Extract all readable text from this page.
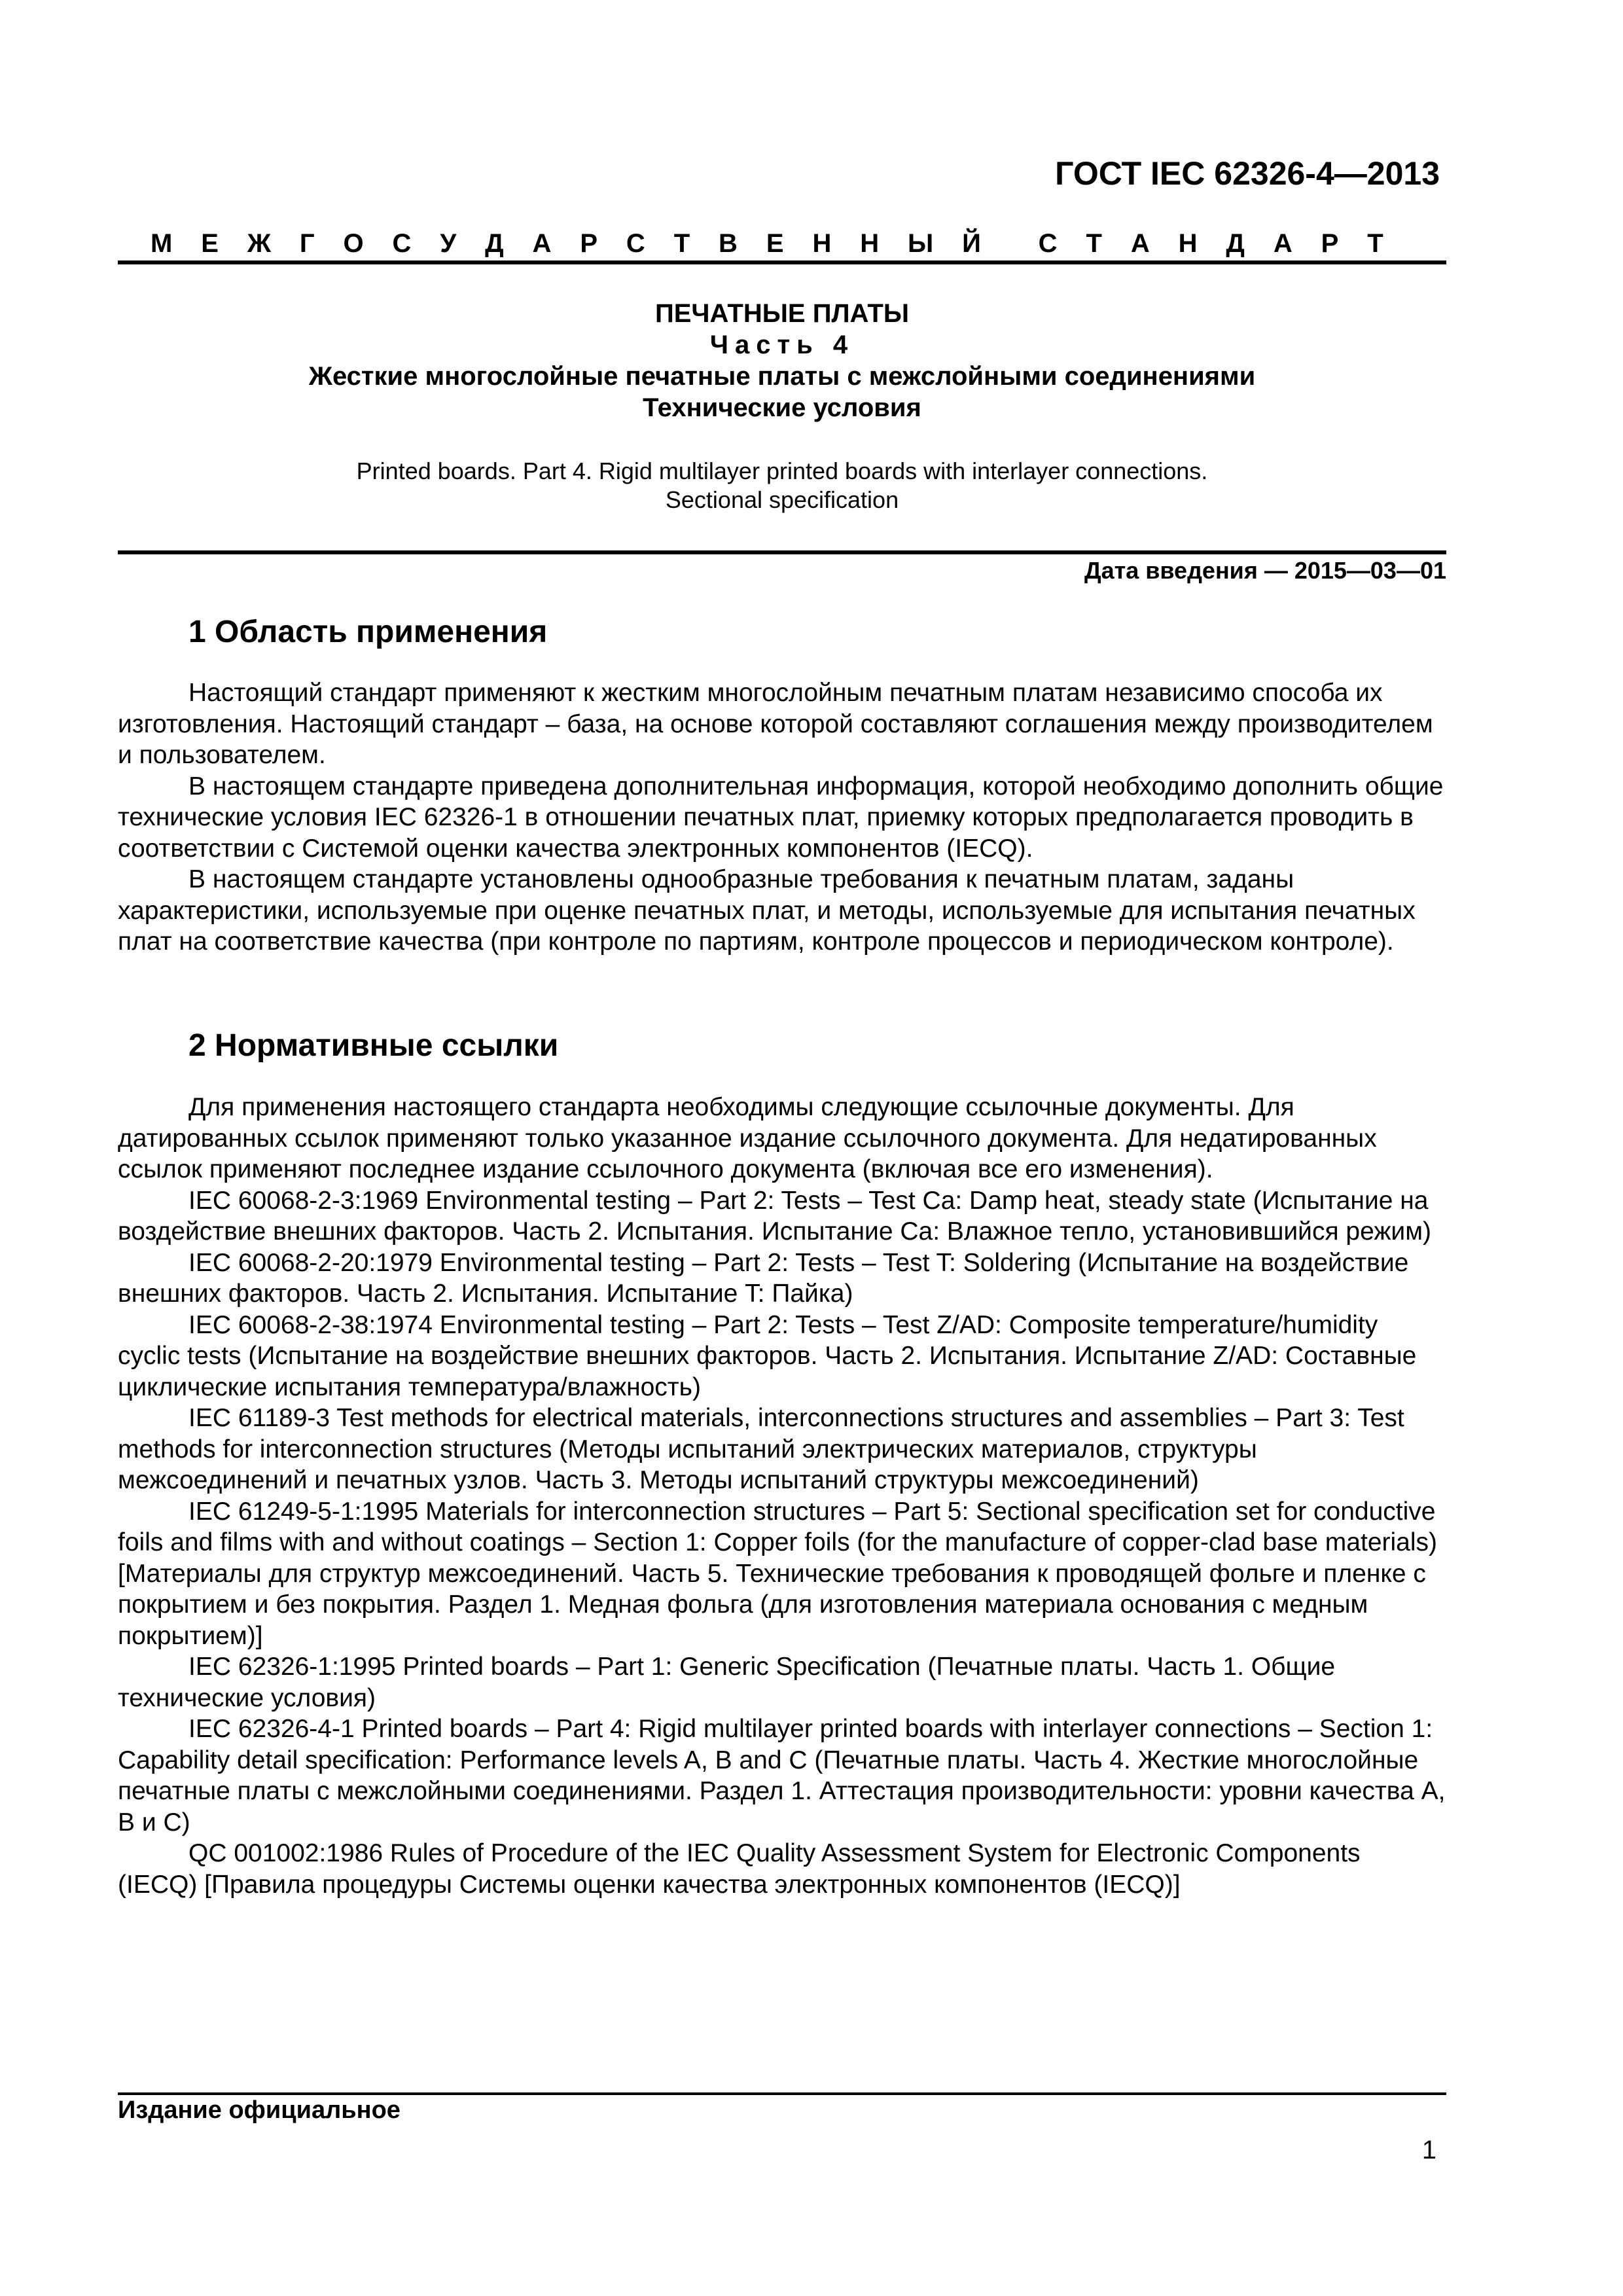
ГОСТ IEC 62326-4—2013
М Е Ж Г О С У Д А Р С Т В Е Н Н Ы Й С Т А Н Д А Р Т
ПЕЧАТНЫЕ ПЛАТЫ
Часть 4
Жесткие многослойные печатные платы с межслойными соединениями
Технические условия
Printed boards. Part 4. Rigid multilayer printed boards with interlayer connections.
Sectional specification
Дата введения — 2015—03—01
1 Область применения

Настоящий стандарт применяют к жестким многослойным печатным платам независимо способа их изготовления. Настоящий стандарт – база, на основе которой составляют соглашения между производителем и пользователем.

В настоящем стандарте приведена дополнительная информация, которой необходимо дополнить общие технические условия IEC 62326-1 в отношении печатных плат, приемку которых предполагается проводить в соответствии с Системой оценки качества электронных компонентов (IECQ).

В настоящем стандарте установлены однообразные требования к печатным платам, заданы характеристики, используемые при оценке печатных плат, и методы, используемые для испытания печатных плат на соответствие качества (при контроле по партиям, контроле процессов и периодическом контроле).

2 Нормативные ссылки

Для применения настоящего стандарта необходимы следующие ссылочные документы. Для датированных ссылок применяют только указанное издание ссылочного документа. Для недатированных ссылок применяют последнее издание ссылочного документа (включая все его изменения).

IEC 60068-2-3:1969 Environmental testing – Part 2: Tests – Test Ca: Damp heat, steady state (Испытание на воздействие внешних факторов. Часть 2. Испытания. Испытание Ca: Влажное тепло, установившийся режим)

IEC 60068-2-20:1979 Environmental testing – Part 2: Tests – Test T: Soldering (Испытание на воздействие внешних факторов. Часть 2. Испытания. Испытание T: Пайка)

IEC 60068-2-38:1974 Environmental testing – Part 2: Tests – Test Z/AD: Composite temperature/humidity cyclic tests (Испытание на воздействие внешних факторов. Часть 2. Испытания. Испытание Z/AD: Составные циклические испытания температура/влажность)

IEC 61189-3 Test methods for electrical materials, interconnections structures and assemblies – Part 3: Test methods for interconnection structures (Методы испытаний электрических материалов, структуры межсоединений и печатных узлов. Часть 3. Методы испытаний структуры межсоединений)

IEC 61249-5-1:1995 Materials for interconnection structures – Part 5: Sectional specification set for conductive foils and films with and without coatings – Section 1: Copper foils (for the manufacture of copper-clad base materials) [Материалы для структур межсоединений. Часть 5. Технические требования к проводящей фольге и пленке с покрытием и без покрытия. Раздел 1. Медная фольга (для изготовления материала основания с медным покрытием)]

IEC 62326-1:1995 Printed boards – Part 1: Generic Specification (Печатные платы. Часть 1. Общие технические условия)

IEC 62326-4-1 Printed boards – Part 4: Rigid multilayer printed boards with interlayer connections – Section 1: Capability detail specification: Performance levels A, B and C (Печатные платы. Часть 4. Жесткие многослойные печатные платы с межслойными соединениями. Раздел 1. Аттестация производительности: уровни качества A, B и C)

QC 001002:1986 Rules of Procedure of the IEC Quality Assessment System for Electronic Components (IECQ) [Правила процедуры Системы оценки качества электронных компонентов (IECQ)]

Издание официальное
1
